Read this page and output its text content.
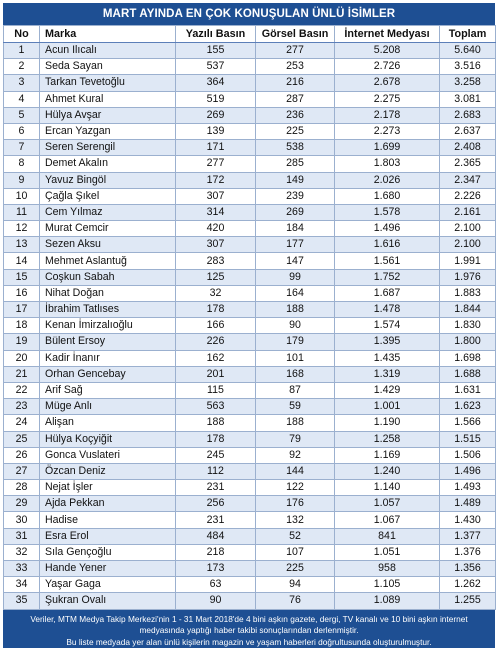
MART AYINDA EN ÇOK KONUŞULAN ÜNLÜ İSİMLER
No	Marka	Yazılı Basın	Görsel Basın	İnternet Medyası	Toplam
1	Acun Ilıcalı	155	277	5.208	5.640
2	Seda Sayan	537	253	2.726	3.516
3	Tarkan Tevetoğlu	364	216	2.678	3.258
4	Ahmet Kural	519	287	2.275	3.081
5	Hülya Avşar	269	236	2.178	2.683
6	Ercan Yazgan	139	225	2.273	2.637
7	Seren Serengil	171	538	1.699	2.408
8	Demet Akalın	277	285	1.803	2.365
9	Yavuz Bingöl	172	149	2.026	2.347
10	Çağla Şıkel	307	239	1.680	2.226
11	Cem Yılmaz	314	269	1.578	2.161
12	Murat Cemcir	420	184	1.496	2.100
13	Sezen Aksu	307	177	1.616	2.100
14	Mehmet Aslantuğ	283	147	1.561	1.991
15	Coşkun Sabah	125	99	1.752	1.976
16	Nihat Doğan	32	164	1.687	1.883
17	İbrahim Tatlıses	178	188	1.478	1.844
18	Kenan İmirzalıoğlu	166	90	1.574	1.830
19	Bülent Ersoy	226	179	1.395	1.800
20	Kadir İnanır	162	101	1.435	1.698
21	Orhan Gencebay	201	168	1.319	1.688
22	Arif Sağ	115	87	1.429	1.631
23	Müge Anlı	563	59	1.001	1.623
24	Alişan	188	188	1.190	1.566
25	Hülya Koçyiğit	178	79	1.258	1.515
26	Gonca Vuslateri	245	92	1.169	1.506
27	Özcan Deniz	112	144	1.240	1.496
28	Nejat İşler	231	122	1.140	1.493
29	Ajda Pekkan	256	176	1.057	1.489
30	Hadise	231	132	1.067	1.430
31	Esra Erol	484	52	841	1.377
32	Sıla Gençoğlu	218	107	1.051	1.376
33	Hande Yener	173	225	958	1.356
34	Yaşar Gaga	63	94	1.105	1.262
35	Şukran Ovalı	90	76	1.089	1.255

Veriler, MTM Medya Takip Merkezi'nin 1 - 31 Mart 2018'de 4 bini aşkın gazete, dergi, TV kanalı ve 10 bini aşkın internet medyasında yaptığı haber takibi sonuçlarından derlenmiştir.

Bu liste medyada yer alan ünlü kişilerin magazin ve yaşam haberleri doğrultusunda oluşturulmuştur.
